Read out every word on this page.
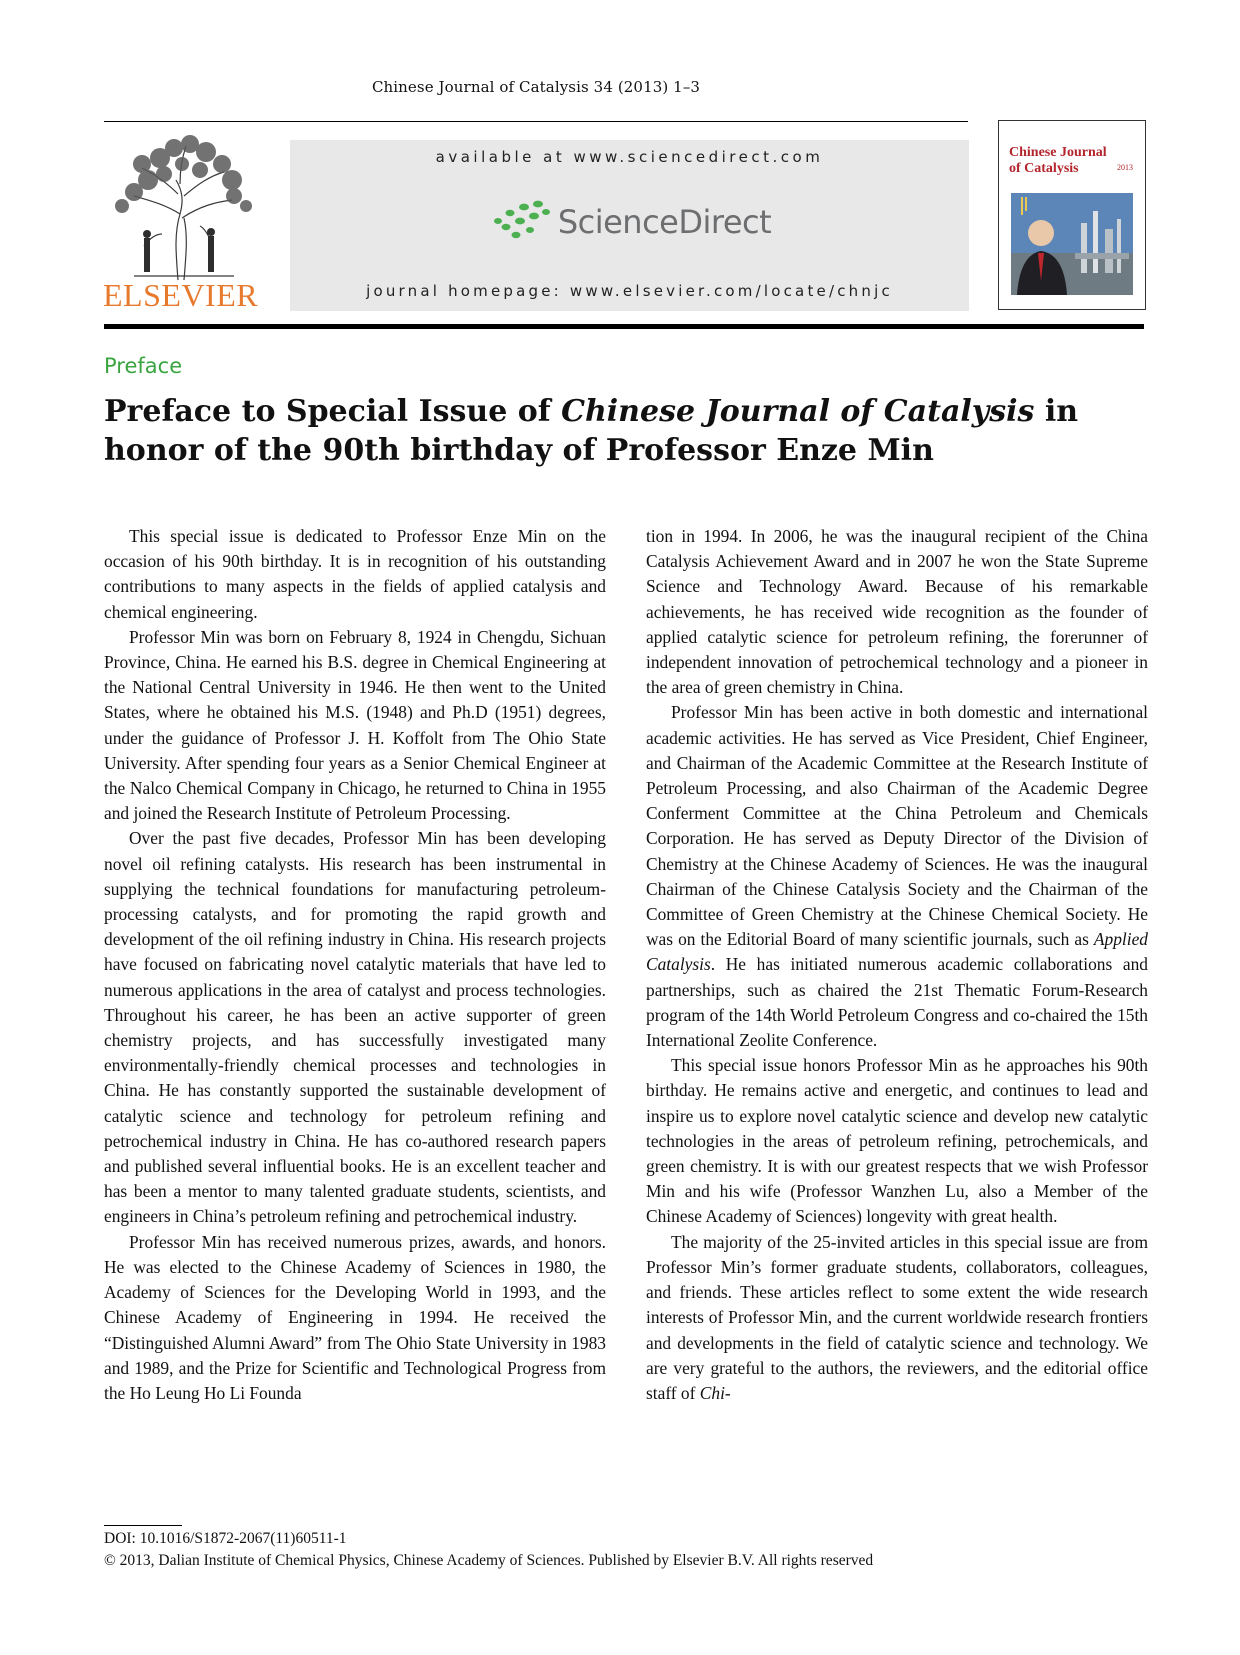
Chinese Journal of Catalysis 34 (2013) 1–3
ELSEVIER
available at www.sciencedirect.com
ScienceDirect
journal homepage: www.elsevier.com/locate/chnjc
Chinese Journal
of Catalysis	2013
Preface
Preface to Special Issue of Chinese Journal of Catalysis in honor of the 90th birthday of Professor Enze Min

This special issue is dedicated to Professor Enze Min on the occasion of his 90th birthday. It is in recognition of his outstanding contributions to many aspects in the fields of applied catalysis and chemical engineering.

Professor Min was born on February 8, 1924 in Chengdu, Sichuan Province, China. He earned his B.S. degree in Chemical Engineering at the National Central University in 1946. He then went to the United States, where he obtained his M.S. (1948) and Ph.D (1951) degrees, under the guidance of Professor J. H. Koffolt from The Ohio State University. After spending four years as a Senior Chemical Engineer at the Nalco Chemical Company in Chicago, he returned to China in 1955 and joined the Research Institute of Petroleum Processing.

Over the past five decades, Professor Min has been developing novel oil refining catalysts. His research has been instrumental in supplying the technical foundations for manufacturing petroleum-processing catalysts, and for promoting the rapid growth and development of the oil refining industry in China. His research projects have focused on fabricating novel catalytic materials that have led to numerous applications in the area of catalyst and process technologies. Throughout his career, he has been an active supporter of green chemistry projects, and has successfully investigated many environmentally-friendly chemical processes and technologies in China. He has constantly supported the sustainable development of catalytic science and technology for petroleum refining and petrochemical industry in China. He has co-authored research papers and published several influential books. He is an excellent teacher and has been a mentor to many talented graduate students, scientists, and engineers in China’s petroleum refining and petrochemical industry.

Professor Min has received numerous prizes, awards, and honors. He was elected to the Chinese Academy of Sciences in 1980, the Academy of Sciences for the Developing World in 1993, and the Chinese Academy of Engineering in 1994. He received the “Distinguished Alumni Award” from The Ohio State University in 1983 and 1989, and the Prize for Scientific and Technological Progress from the Ho Leung Ho Li Founda

tion in 1994. In 2006, he was the inaugural recipient of the China Catalysis Achievement Award and in 2007 he won the State Supreme Science and Technology Award. Because of his remarkable achievements, he has received wide recognition as the founder of applied catalytic science for petroleum refining, the forerunner of independent innovation of petrochemical technology and a pioneer in the area of green chemistry in China.

Professor Min has been active in both domestic and international academic activities. He has served as Vice President, Chief Engineer, and Chairman of the Academic Committee at the Research Institute of Petroleum Processing, and also Chairman of the Academic Degree Conferment Committee at the China Petroleum and Chemicals Corporation. He has served as Deputy Director of the Division of Chemistry at the Chinese Academy of Sciences. He was the inaugural Chairman of the Chinese Catalysis Society and the Chairman of the Committee of Green Chemistry at the Chinese Chemical Society. He was on the Editorial Board of many scientific journals, such as Applied Catalysis. He has initiated numerous academic collaborations and partnerships, such as chaired the 21st Thematic Forum-Research program of the 14th World Petroleum Congress and co-chaired the 15th International Zeolite Conference.

This special issue honors Professor Min as he approaches his 90th birthday. He remains active and energetic, and continues to lead and inspire us to explore novel catalytic science and develop new catalytic technologies in the areas of petroleum refining, petrochemicals, and green chemistry. It is with our greatest respects that we wish Professor Min and his wife (Professor Wanzhen Lu, also a Member of the Chinese Academy of Sciences) longevity with great health.

The majority of the 25-invited articles in this special issue are from Professor Min’s former graduate students, collaborators, colleagues, and friends. These articles reflect to some extent the wide research interests of Professor Min, and the current worldwide research frontiers and developments in the field of catalytic science and technology. We are very grateful to the authors, the reviewers, and the editorial office staff of Chi-

DOI: 10.1016/S1872-2067(11)60511-1
© 2013, Dalian Institute of Chemical Physics, Chinese Academy of Sciences. Published by Elsevier B.V. All rights reserved
